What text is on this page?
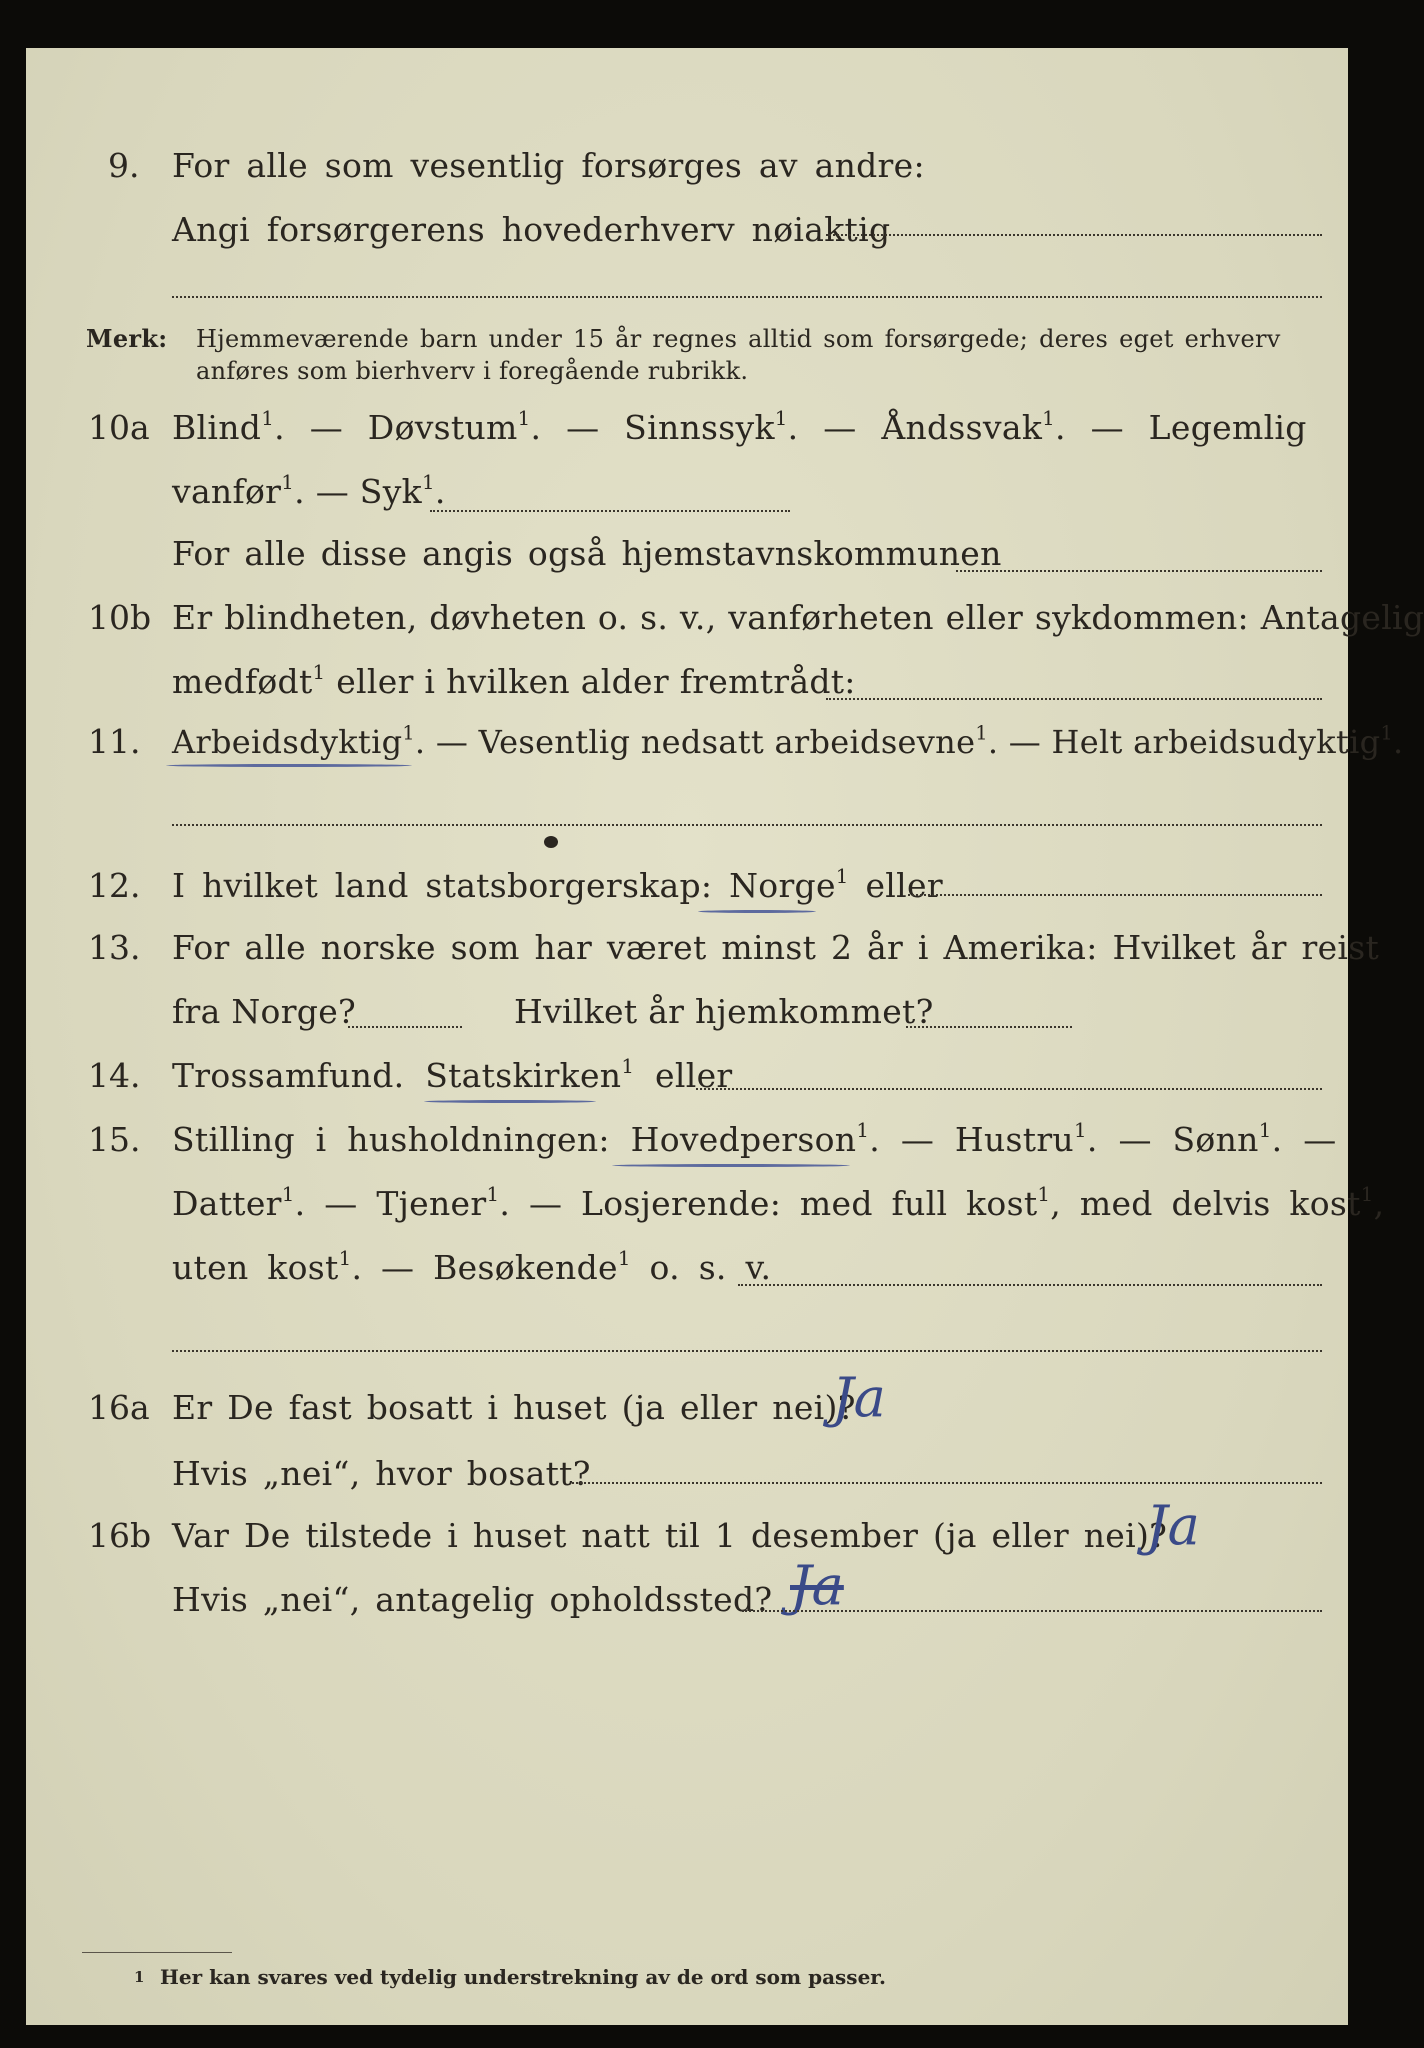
9. For alle som vesentlig forsørges av andre:
Angi forsørgerens hovederhverv nøiaktig
Merk: Hjemmeværende barn under 15 år regnes alltid som forsørgede; deres eget erhverv
anføres som bierhverv i foregående rubrikk.
10a Blind$^1$. — Døvstum$^1$. — Sinnssyk$^1$. — Åndssvak$^1$. — Legemlig
vanfør$^1$. — Syk$^1$.
For alle disse angis også hjemstavnskommunen
10b Er blindheten, døvheten o. s. v., vanførheten eller sykdommen: Antagelig
medfødt$^1$ eller i hvilken alder fremtrådt:
11. Arbeidsdyktig$^1$. — Vesentlig nedsatt arbeidsevne$^1$. — Helt arbeidsudyktig$^1$.
12. I hvilket land statsborgerskap: Norge$^1$ eller
13. For alle norske som har været minst 2 år i Amerika: Hvilket år reist
fra Norge?	Hvilket år hjemkommet?
14. Trossamfund. Statskirken$^1$ eller
15. Stilling i husholdningen: Hovedperson$^1$. — Hustru$^1$. — Sønn$^1$. —
Datter$^1$. — Tjener$^1$. — Losjerende: med full kost$^1$, med delvis kost$^1$,
uten kost$^1$. — Besøkende$^1$ o. s. v.
16a Er De fast bosatt i huset (ja eller nei)?
Ja
Hvis „nei“, hvor bosatt?
16b Var De tilstede i huset natt til 1 desember (ja eller nei)?
Ja
Hvis „nei“, antagelig opholdssted? Ja
1 Her kan svares ved tydelig understrekning av de ord som passer.
